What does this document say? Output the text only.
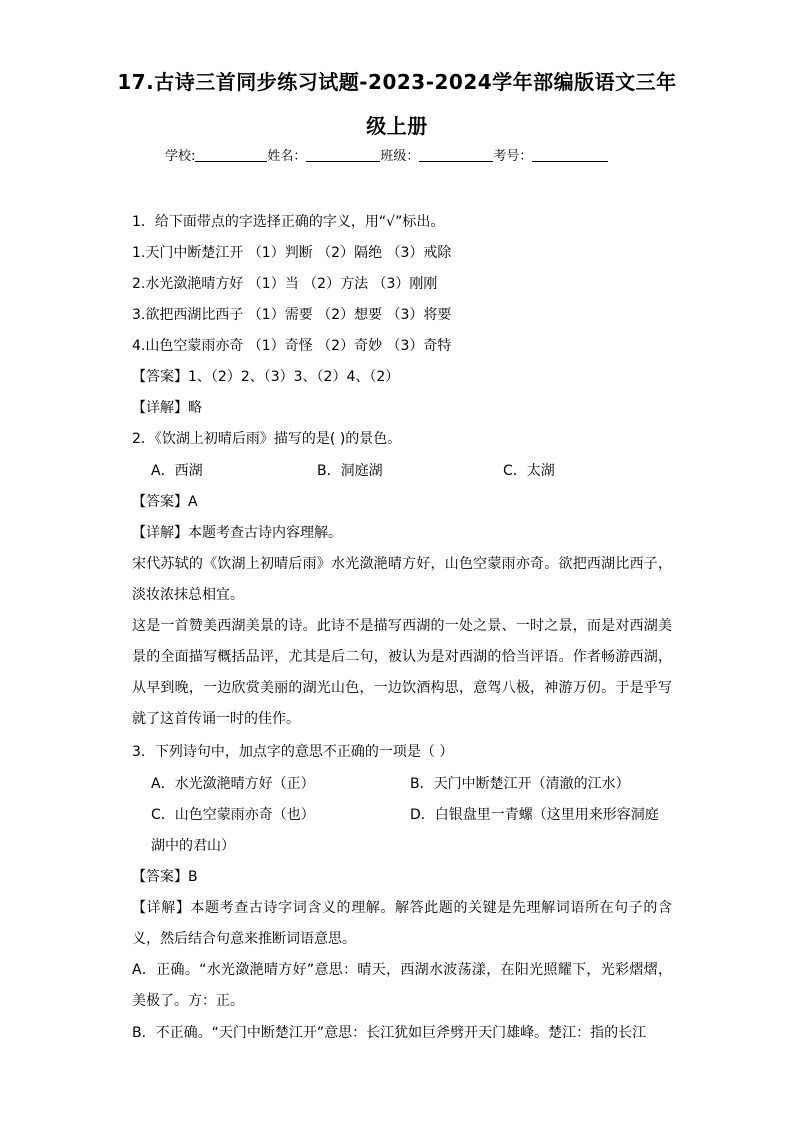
17.古诗三首同步练习试题-2023-2024学年部编版语文三年
级上册
学校:	姓名：	班级：	考号：
1．给下面带点的字选择正确的字义，用“√”标出。
1.天门中断楚江开 （1）判断 （2）隔绝 （3）戒除
2.水光潋滟晴方好 （1）当 （2）方法 （3）刚刚
3.欲把西湖比西子 （1）需要 （2）想要 （3）将要
4.山色空蒙雨亦奇 （1）奇怪 （2）奇妙 （3）奇特
【答案】1、（2）2、（3）3、（2）4、（2）
【详解】略
2．《饮湖上初晴后雨》描写的是( )的景色。
A．西湖	B．洞庭湖	C．太湖
【答案】A
【详解】本题考查古诗内容理解。
宋代苏轼的《饮湖上初晴后雨》水光潋滟晴方好，山色空蒙雨亦奇。欲把西湖比西子，淡妆浓抹总相宜。
这是一首赞美西湖美景的诗。此诗不是描写西湖的一处之景、一时之景，而是对西湖美景的全面描写概括品评，尤其是后二句，被认为是对西湖的恰当评语。作者畅游西湖，从早到晚，一边欣赏美丽的湖光山色，一边饮酒构思，意驾八极，神游万仞。于是乎写就了这首传诵一时的佳作。
3．下列诗句中，加点字的意思不正确的一项是（ ）
A．水光潋滟晴方好（正）	B．天门中断楚江开（清澈的江水）
C．山色空蒙雨亦奇（也）	D．白银盘里一青螺（这里用来形容洞庭
湖中的君山）
【答案】B
【详解】本题考查古诗字词含义的理解。解答此题的关键是先理解词语所在句子的含义，然后结合句意来推断词语意思。
A．正确。“水光潋滟晴方好”意思：晴天，西湖水波荡漾，在阳光照耀下，光彩熠熠，美极了。方：正。
B．不正确。“天门中断楚江开”意思：长江犹如巨斧劈开天门雄峰。楚江：指的长江
